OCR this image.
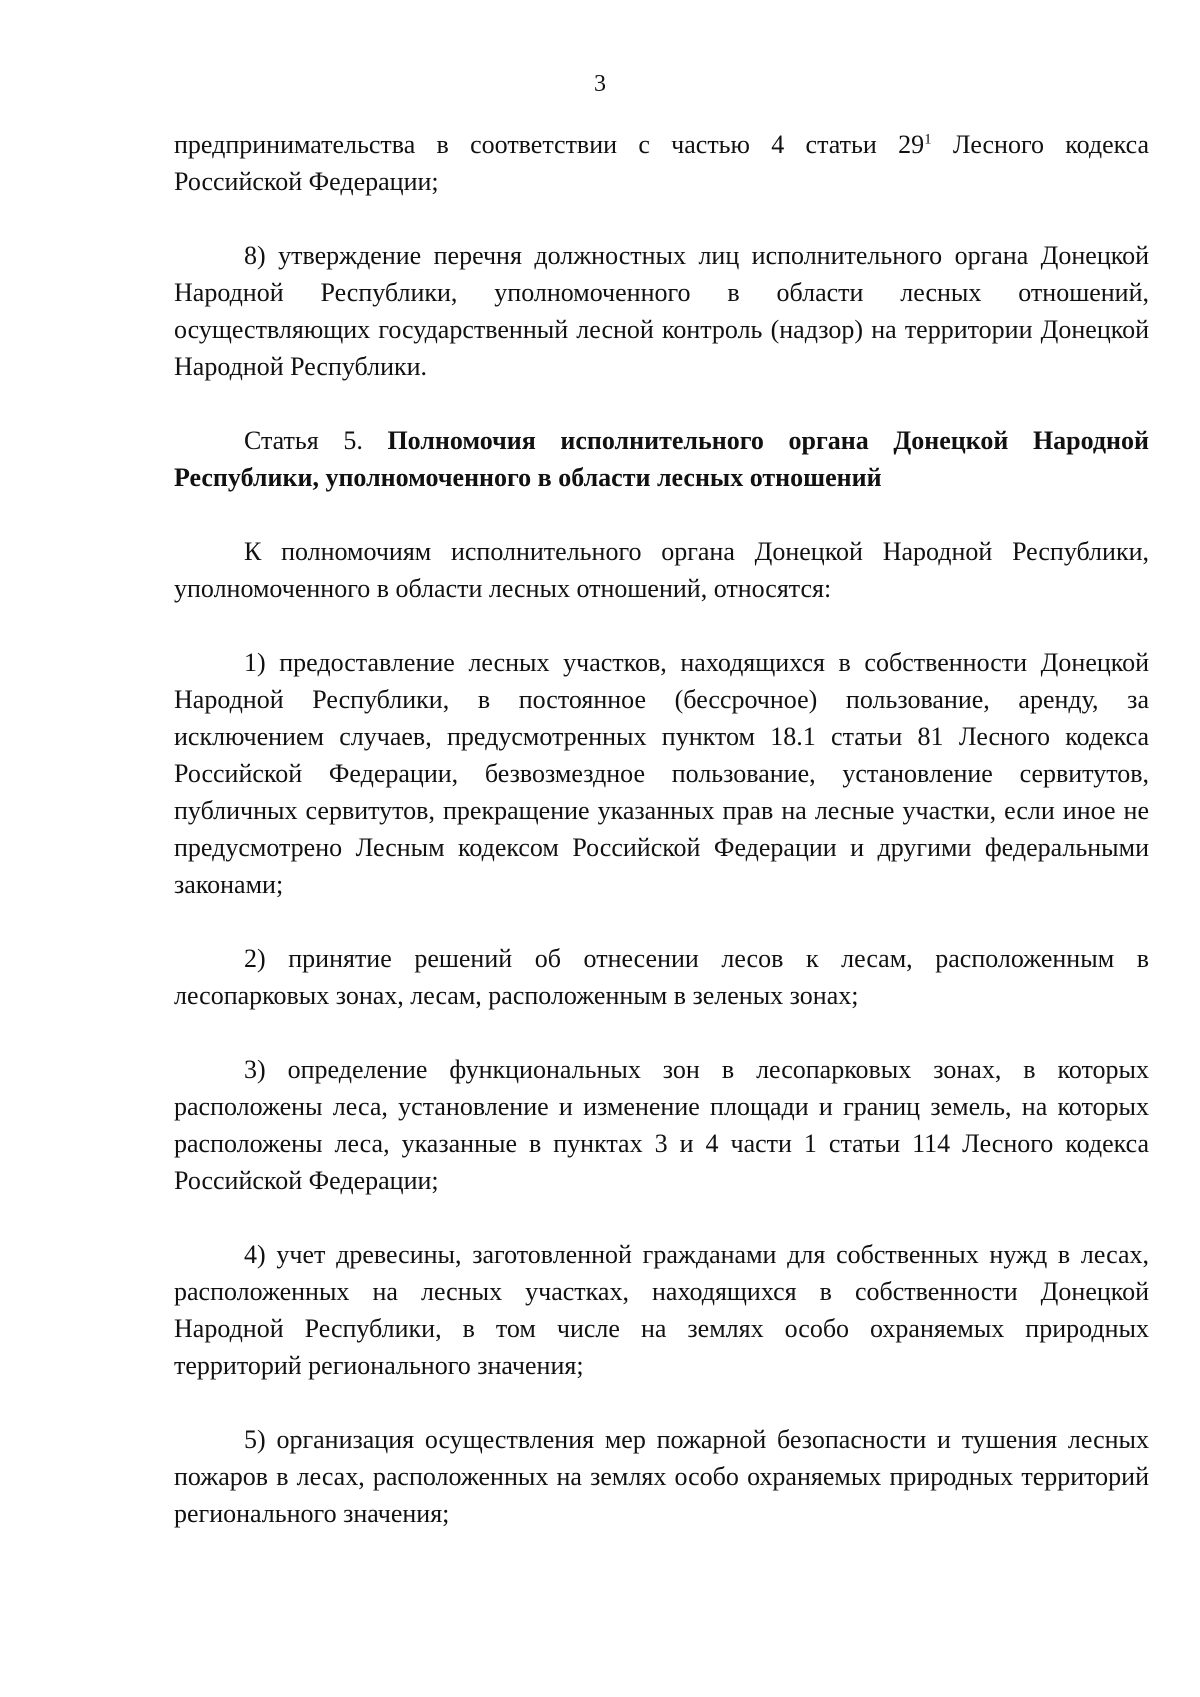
3

предпринимательства в соответствии с частью 4 статьи $29^1$ Лесного кодекса Российской Федерации;

8) утверждение перечня должностных лиц исполнительного органа Донецкой Народной Республики, уполномоченного в области лесных отношений, осуществляющих государственный лесной контроль (надзор) на территории Донецкой Народной Республики.

Статья 5. Полномочия исполнительного органа Донецкой Народной Республики, уполномоченного в области лесных отношений

К полномочиям исполнительного органа Донецкой Народной Республики, уполномоченного в области лесных отношений, относятся:

1) предоставление лесных участков, находящихся в собственности Донецкой Народной Республики, в постоянное (бессрочное) пользование, аренду, за исключением случаев, предусмотренных пунктом 18.1 статьи 81 Лесного кодекса Российской Федерации, безвозмездное пользование, установление сервитутов, публичных сервитутов, прекращение указанных прав на лесные участки, если иное не предусмотрено Лесным кодексом Российской Федерации и другими федеральными законами;

2) принятие решений об отнесении лесов к лесам, расположенным в лесопарковых зонах, лесам, расположенным в зеленых зонах;

3) определение функциональных зон в лесопарковых зонах, в которых расположены леса, установление и изменение площади и границ земель, на которых расположены леса, указанные в пунктах 3 и 4 части 1 статьи 114 Лесного кодекса Российской Федерации;

4) учет древесины, заготовленной гражданами для собственных нужд в лесах, расположенных на лесных участках, находящихся в собственности Донецкой Народной Республики, в том числе на землях особо охраняемых природных территорий регионального значения;

5) организация осуществления мер пожарной безопасности и тушения лесных пожаров в лесах, расположенных на землях особо охраняемых природных территорий регионального значения;
